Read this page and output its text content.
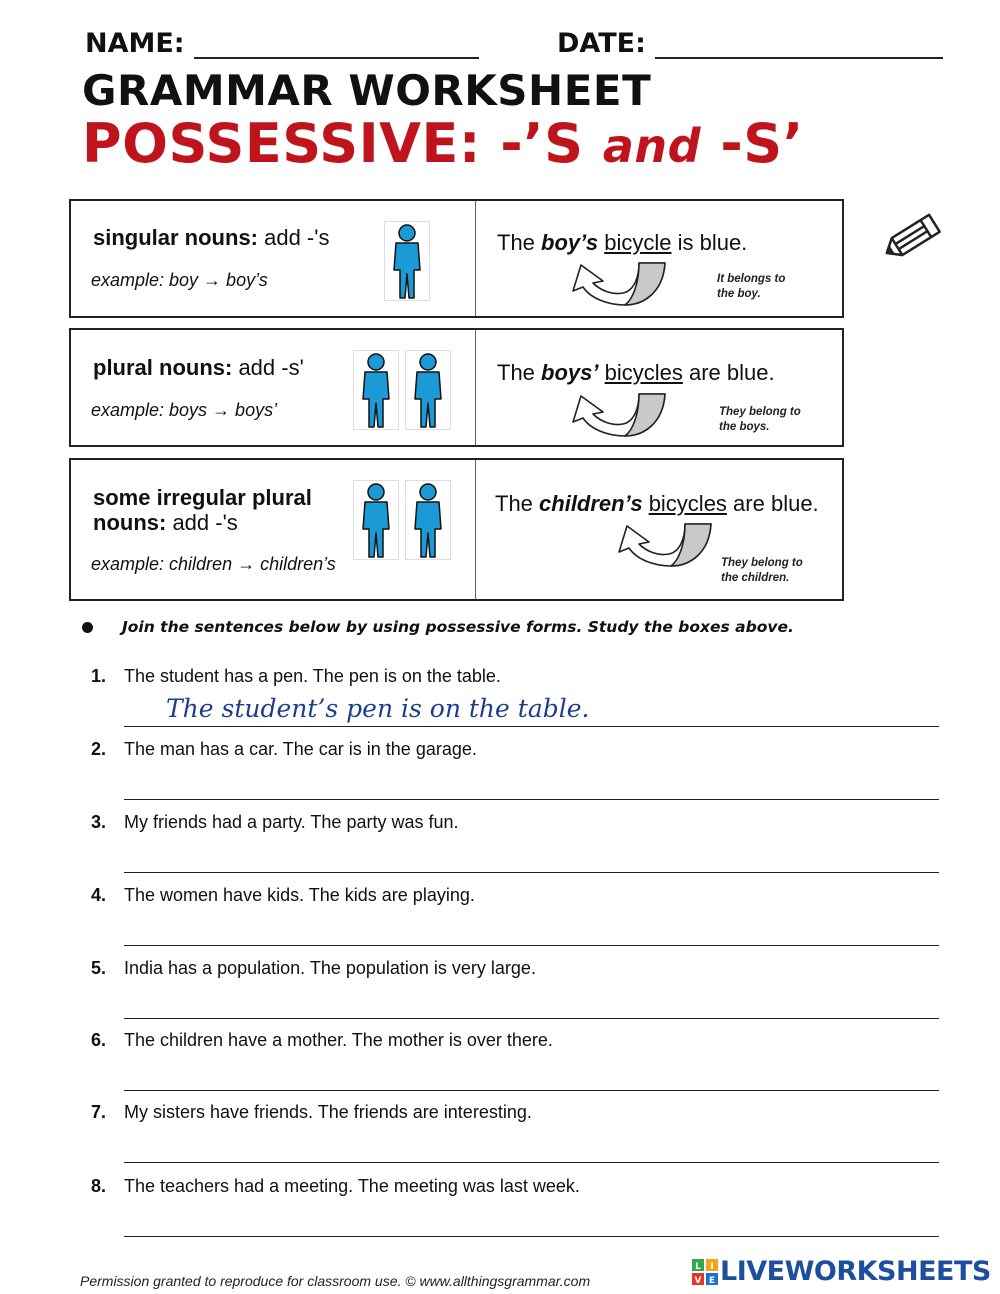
NAME:	DATE:
GRAMMAR WORKSHEET
POSSESSIVE: -’S and -S’
singular nouns: add -'s
example: boy → boy’s
The boy’s bicycle is blue.
It belongs to
the boy.
plural nouns: add -s'
example: boys → boys’
The boys’ bicycles are blue.
They belong to
the boys.
some irregular plural nouns: add -'s
example: children → children’s
The children’s bicycles are blue.
They belong to
the children.
Join the sentences below by using possessive forms. Study the boxes above.
1. The student has a pen. The pen is on the table.
The student’s pen is on the table.
2. The man has a car. The car is in the garage.
3. My friends had a party. The party was fun.
4. The women have kids. The kids are playing.
5. India has a population. The population is very large.
6. The children have a mother. The mother is over there.
7. My sisters have friends. The friends are interesting.
8. The teachers had a meeting. The meeting was last week.
Permission granted to reproduce for classroom use. © www.allthingsgrammar.com
L I
V E LIVEWORKSHEETS
